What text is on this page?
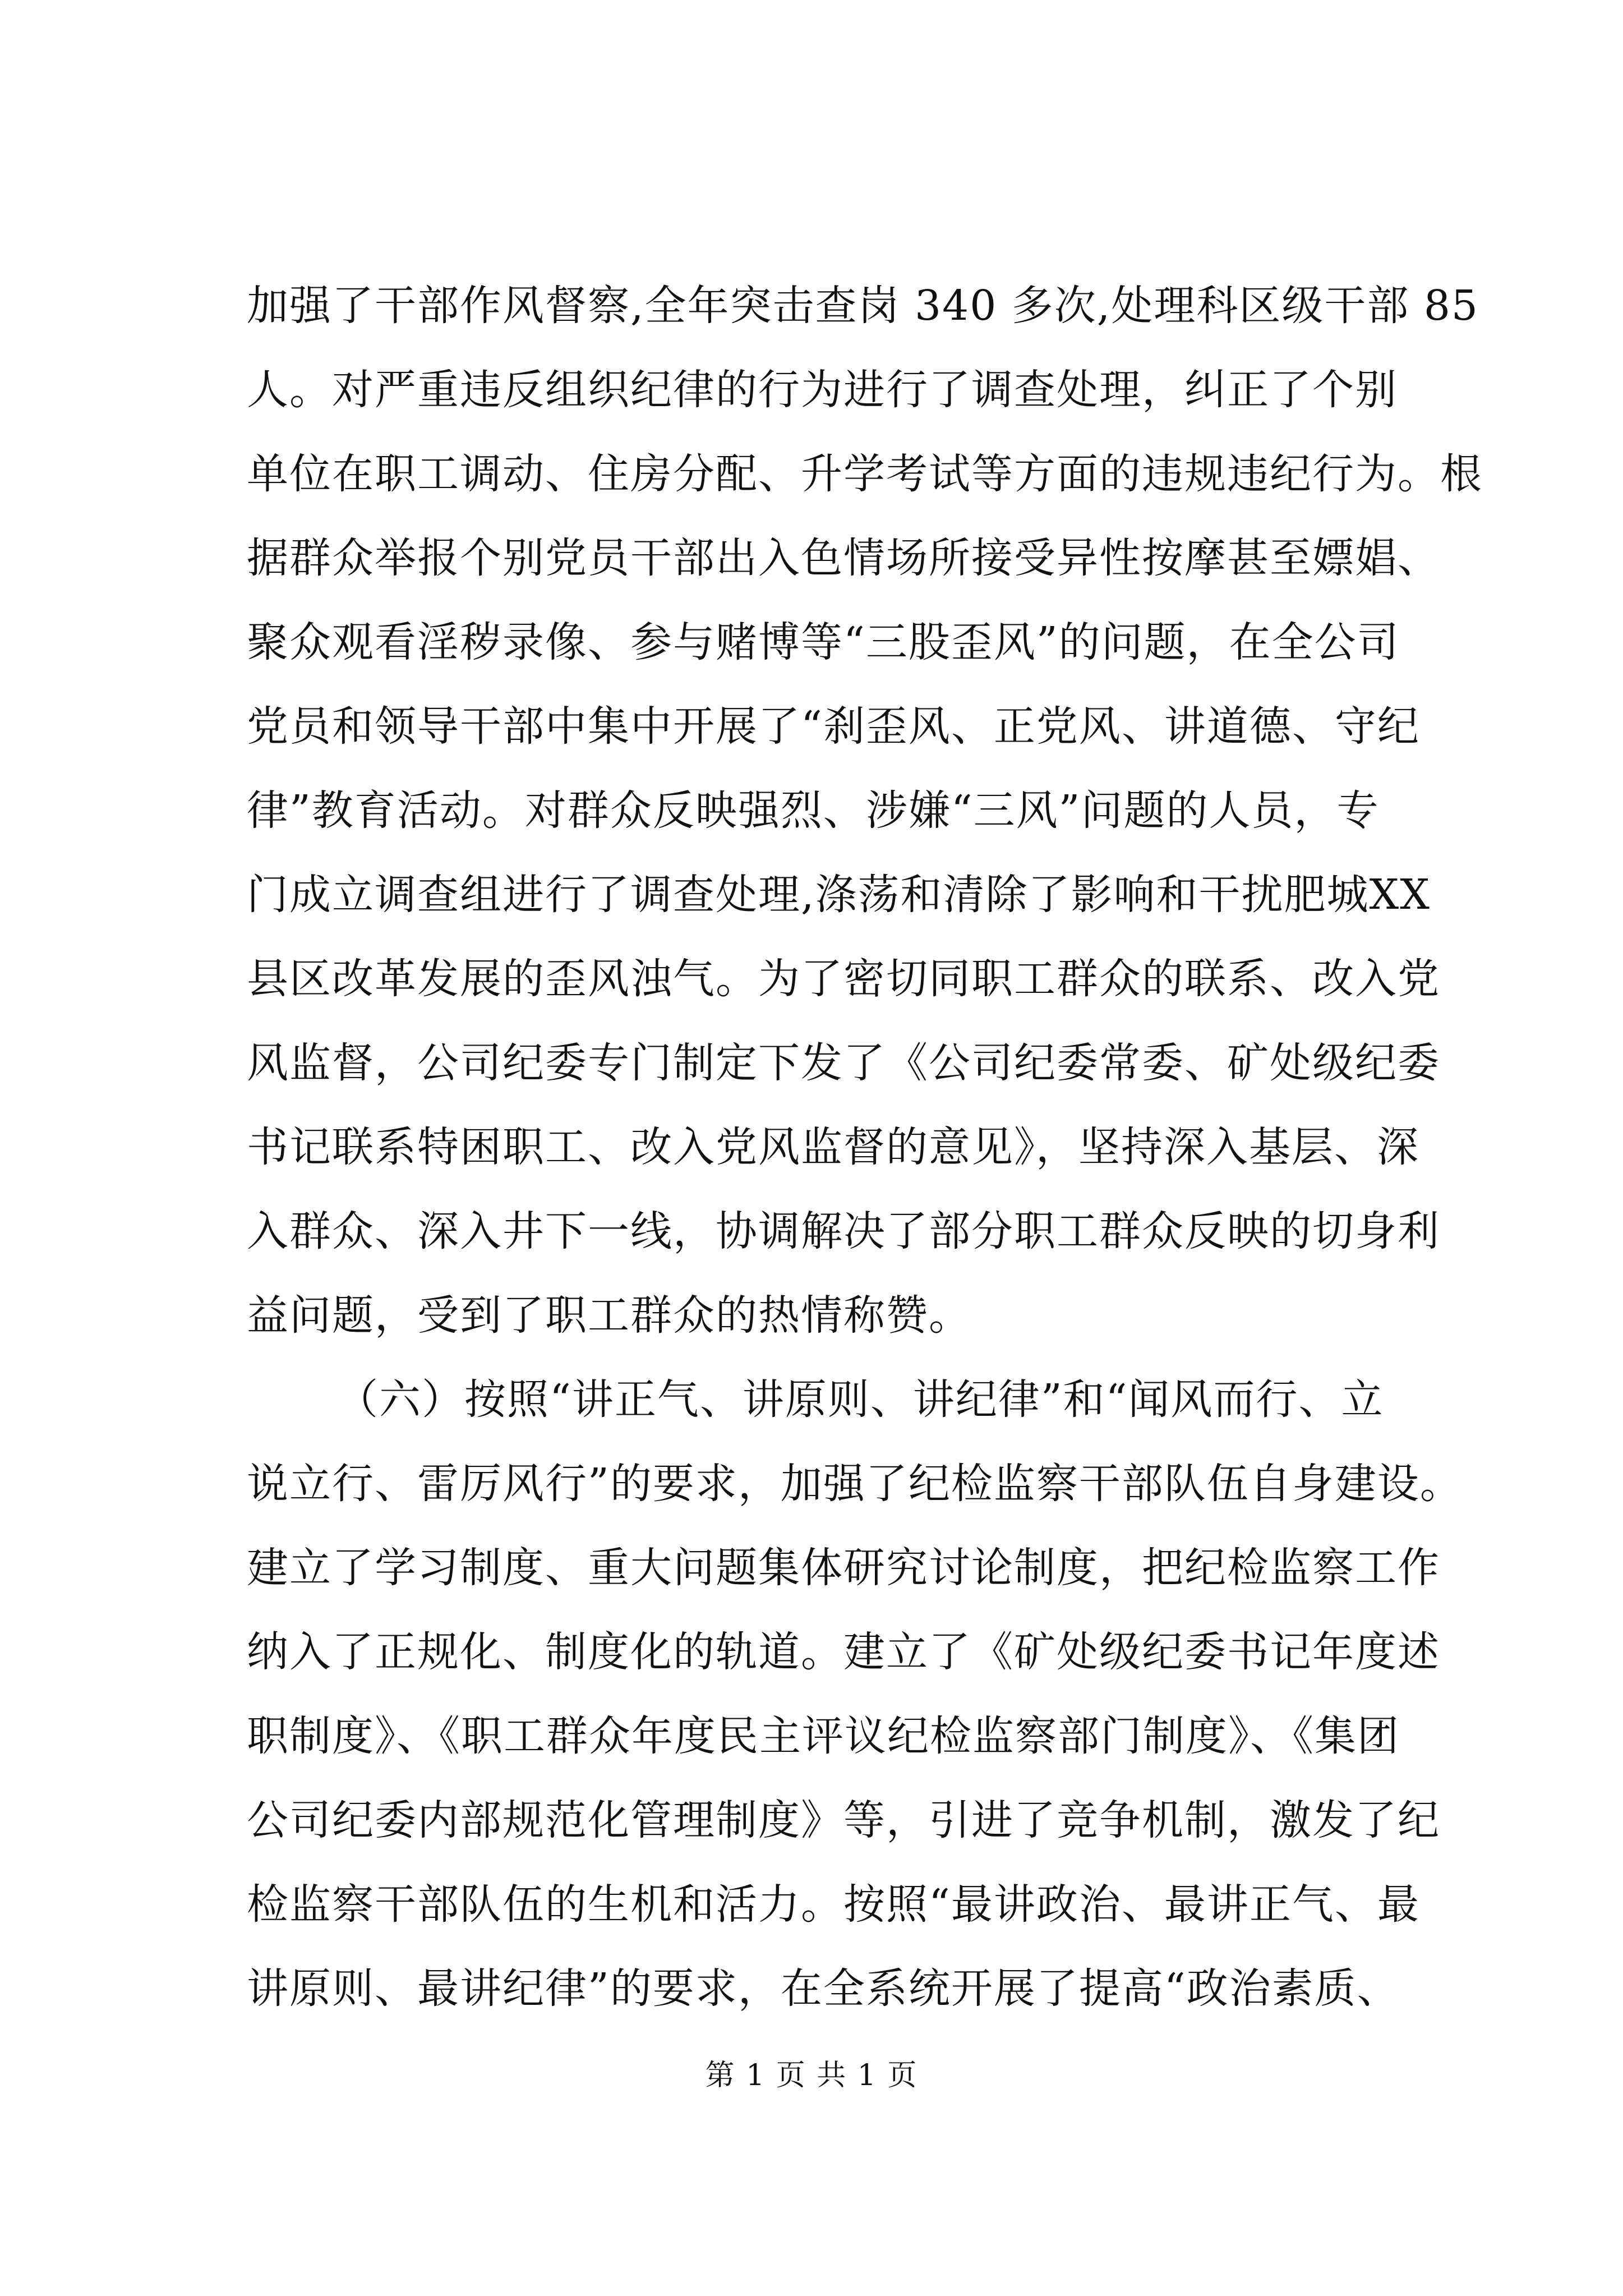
加强了干部作风督察,全年突击查岗 340 多次,处理科区级干部 85
人。对严重违反组织纪律的行为进行了调查处理，纠正了个别
单位在职工调动、住房分配、升学考试等方面的违规违纪行为。根
据群众举报个别党员干部出入色情场所接受异性按摩甚至嫖娼、
聚众观看淫秽录像、参与赌博等“三股歪风”的问题，在全公司
党员和领导干部中集中开展了“刹歪风、正党风、讲道德、守纪
律”教育活动。对群众反映强烈、涉嫌“三风”问题的人员，专
门成立调查组进行了调查处理,涤荡和清除了影响和干扰肥城XX
县区改革发展的歪风浊气。为了密切同职工群众的联系、改入党
风监督，公司纪委专门制定下发了《公司纪委常委、矿处级纪委
书记联系特困职工、改入党风监督的意见》，坚持深入基层、深
入群众、深入井下一线，协调解决了部分职工群众反映的切身利
益问题，受到了职工群众的热情称赞。
（六）按照“讲正气、讲原则、讲纪律”和“闻风而行、立
说立行、雷厉风行”的要求，加强了纪检监察干部队伍自身建设。
建立了学习制度、重大问题集体研究讨论制度，把纪检监察工作
纳入了正规化、制度化的轨道。建立了《矿处级纪委书记年度述
职制度》、《职工群众年度民主评议纪检监察部门制度》、《集团
公司纪委内部规范化管理制度》等，引进了竞争机制，激发了纪
检监察干部队伍的生机和活力。按照“最讲政治、最讲正气、最
讲原则、最讲纪律”的要求，在全系统开展了提高“政治素质、
第 1 页 共 1 页
